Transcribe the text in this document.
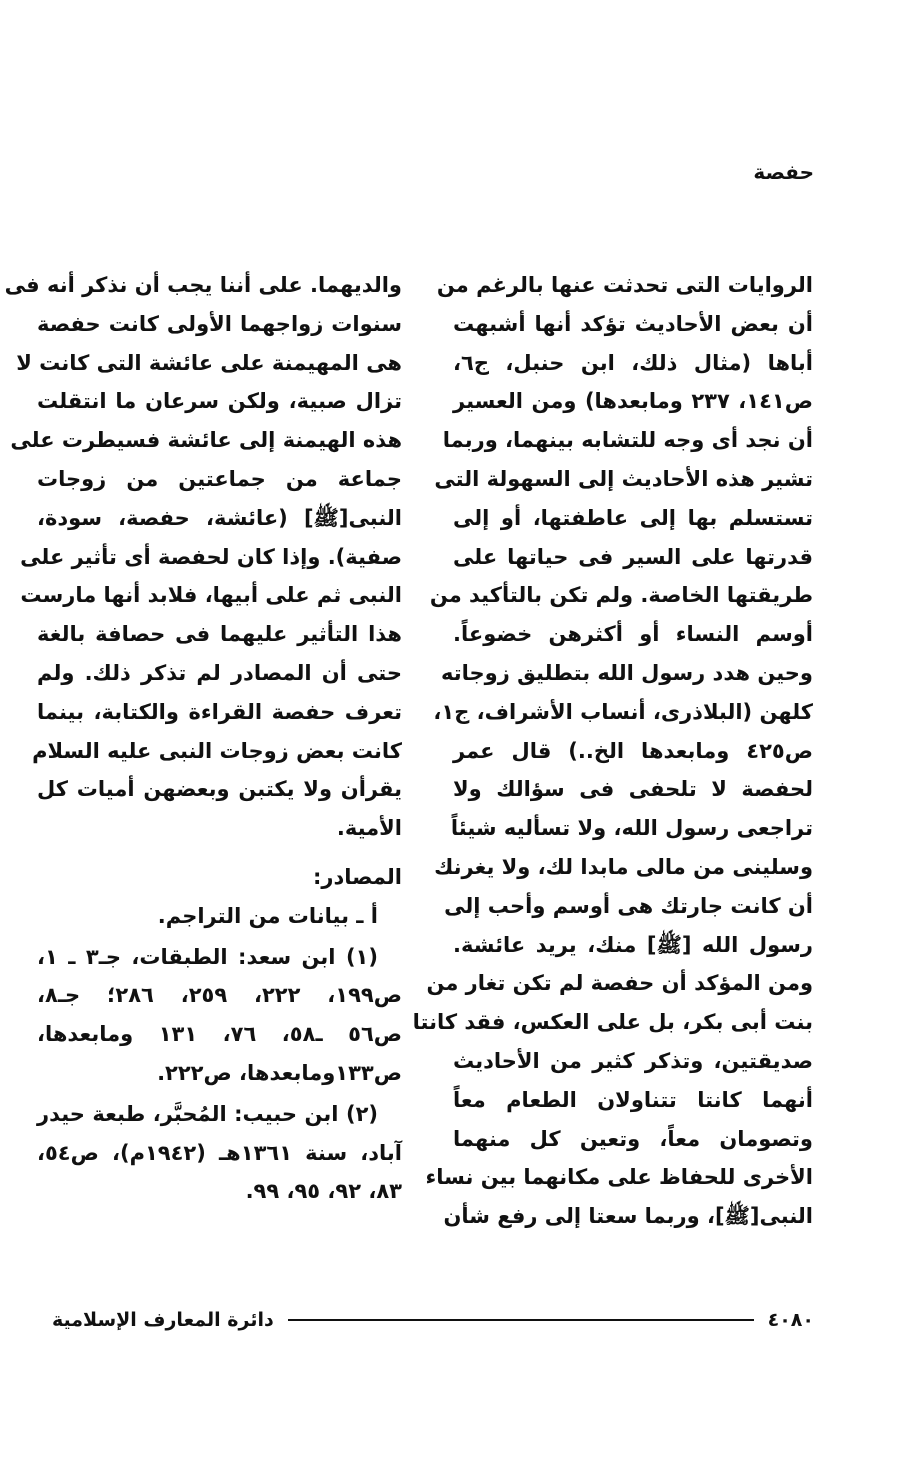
حفصة
الروايات التى تحدثت عنها بالرغم من
أن بعض الأحاديث تؤكد أنها أشبهت
أباها (مثال ذلك، ابن حنبل، ج٦،
ص١٤١، ٢٣٧ ومابعدها) ومن العسير
أن نجد أى وجه للتشابه بينهما، وربما
تشير هذه الأحاديث إلى السهولة التى
تستسلم بها إلى عاطفتها، أو إلى
قدرتها على السير فى حياتها على
طريقتها الخاصة. ولم تكن بالتأكيد من
أوسم النساء أو أكثرهن خضوعاً.
وحين هدد رسول الله بتطليق زوجاته
كلهن (البلاذرى، أنساب الأشراف، ج١،
ص٤٢٥ ومابعدها الخ..) قال عمر
لحفصة لا تلحفى فى سؤالك ولا
تراجعى رسول الله، ولا تسأليه شيئاً
وسلينى من مالى مابدا لك، ولا يغرنك
أن كانت جارتك هى أوسم وأحب إلى
رسول الله [ﷺ] منك، يريد عائشة.
ومن المؤكد أن حفصة لم تكن تغار من
بنت أبى بكر، بل على العكس، فقد كانتا
صديقتين، وتذكر كثير من الأحاديث
أنهما كانتا تتناولان الطعام معاً
وتصومان معاً، وتعين كل منهما
الأخرى للحفاظ على مكانهما بين نساء
النبى[ﷺ]، وربما سعتا إلى رفع شأن
والديهما. على أننا يجب أن نذكر أنه فى
سنوات زواجهما الأولى كانت حفصة
هى المهيمنة على عائشة التى كانت لا
تزال صبية، ولكن سرعان ما انتقلت
هذه الهيمنة إلى عائشة فسيطرت على
جماعة من جماعتين من زوجات
النبى[ﷺ] (عائشة، حفصة، سودة،
صفية). وإذا كان لحفصة أى تأثير على
النبى ثم على أبيها، فلابد أنها مارست
هذا التأثير عليهما فى حصافة بالغة
حتى أن المصادر لم تذكر ذلك. ولم
تعرف حفصة القراءة والكتابة، بينما
كانت بعض زوجات النبى عليه السلام
يقرأن ولا يكتبن وبعضهن أميات كل
الأمية.
المصادر:
أ ـ بيانات من التراجم.
(١) ابن سعد: الطبقات، جـ٣ ـ ١،
ص١٩٩، ٢٢٢، ٢٥٩، ٢٨٦؛ جـ٨،
ص٥٦ ـ٥٨، ٧٦، ١٣١ ومابعدها،
ص١٣٣ومابعدها، ص٢٢٢.
(٢) ابن حبيب: المُحبَّر، طبعة حيدر
آباد، سنة ١٣٦١هـ (١٩٤٢م)، ص٥٤،
٨٣، ٩٢، ٩٥، ٩٩.
٤٠٨٠
دائرة المعارف الإسلامية
